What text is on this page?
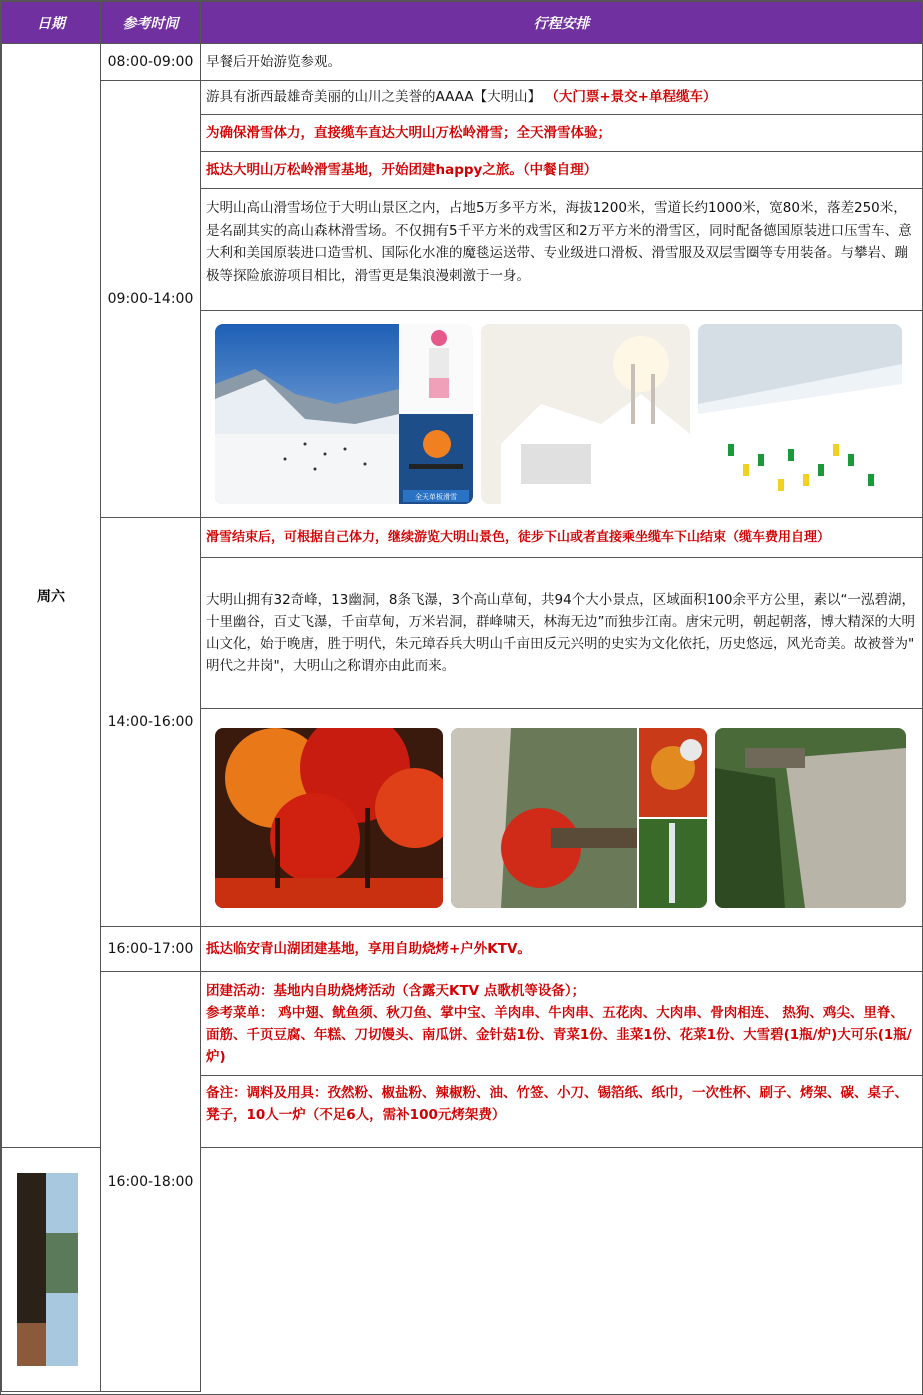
日期	参考时间	行程安排
周六	08:00-09:00	早餐后开始游览参观。
	09:00-14:00	游具有浙西最雄奇美丽的山川之美誉的AAAA【大明山】 （大门票+景交+单程缆车）
		为确保滑雪体力，直接缆车直达大明山万松岭滑雪；全天滑雪体验；
		抵达大明山万松岭滑雪基地，开始团建happy之旅。（中餐自理）
		大明山高山滑雪场位于大明山景区之内，占地5万多平方米，海拔1200米，雪道长约1000米，宽80米，落差250米，是名副其实的高山森林滑雪场。不仅拥有5千平方米的戏雪区和2万平方米的滑雪区，同时配备德国原装进口压雪车、意大利和美国原装进口造雪机、国际化水准的魔毯运送带、专业级进口滑板、滑雪服及双层雪圈等专用装备。与攀岩、蹦极等探险旅游项目相比，滑雪更是集浪漫刺激于一身。

全天单板滑雪

	14:00-16:00	滑雪结束后，可根据自己体力，继续游览大明山景色，徒步下山或者直接乘坐缆车下山结束（缆车费用自理）
		大明山拥有32奇峰，13幽洞，8条飞瀑，3个高山草甸，共94个大小景点，区域面积100余平方公里，素以“一泓碧湖，十里幽谷，百丈飞瀑，千亩草甸，万米岩洞，群峰啸天，林海无边”而独步江南。唐宋元明，朝起朝落，博大精深的大明山文化，始于晚唐，胜于明代，朱元璋吞兵大明山千亩田反元兴明的史实为文化依托，历史悠远，风光奇美。故被誉为" 明代之井岗"，大明山之称谓亦由此而来。

	16:00-17:00	抵达临安青山湖团建基地，享用自助烧烤+户外KTV。
	16:00-18:00	团建活动：基地内自助烧烤活动（含露天KTV 点歌机等设备）；
参考菜单： 鸡中翅、鱿鱼须、秋刀鱼、掌中宝、羊肉串、牛肉串、五花肉、大肉串、骨肉相连、 热狗、鸡尖、里脊、面筋、千页豆腐、年糕、刀切馒头、南瓜饼、金针菇1份、青菜1份、韭菜1份、花菜1份、大雪碧(1瓶/炉)大可乐(1瓶/炉)

		备注：调料及用具：孜然粉、椒盐粉、辣椒粉、油、竹签、小刀、锡箔纸、纸巾，一次性杯、刷子、烤架、碳、桌子、凳子，10人一炉（不足6人，需补100元烤架费）
